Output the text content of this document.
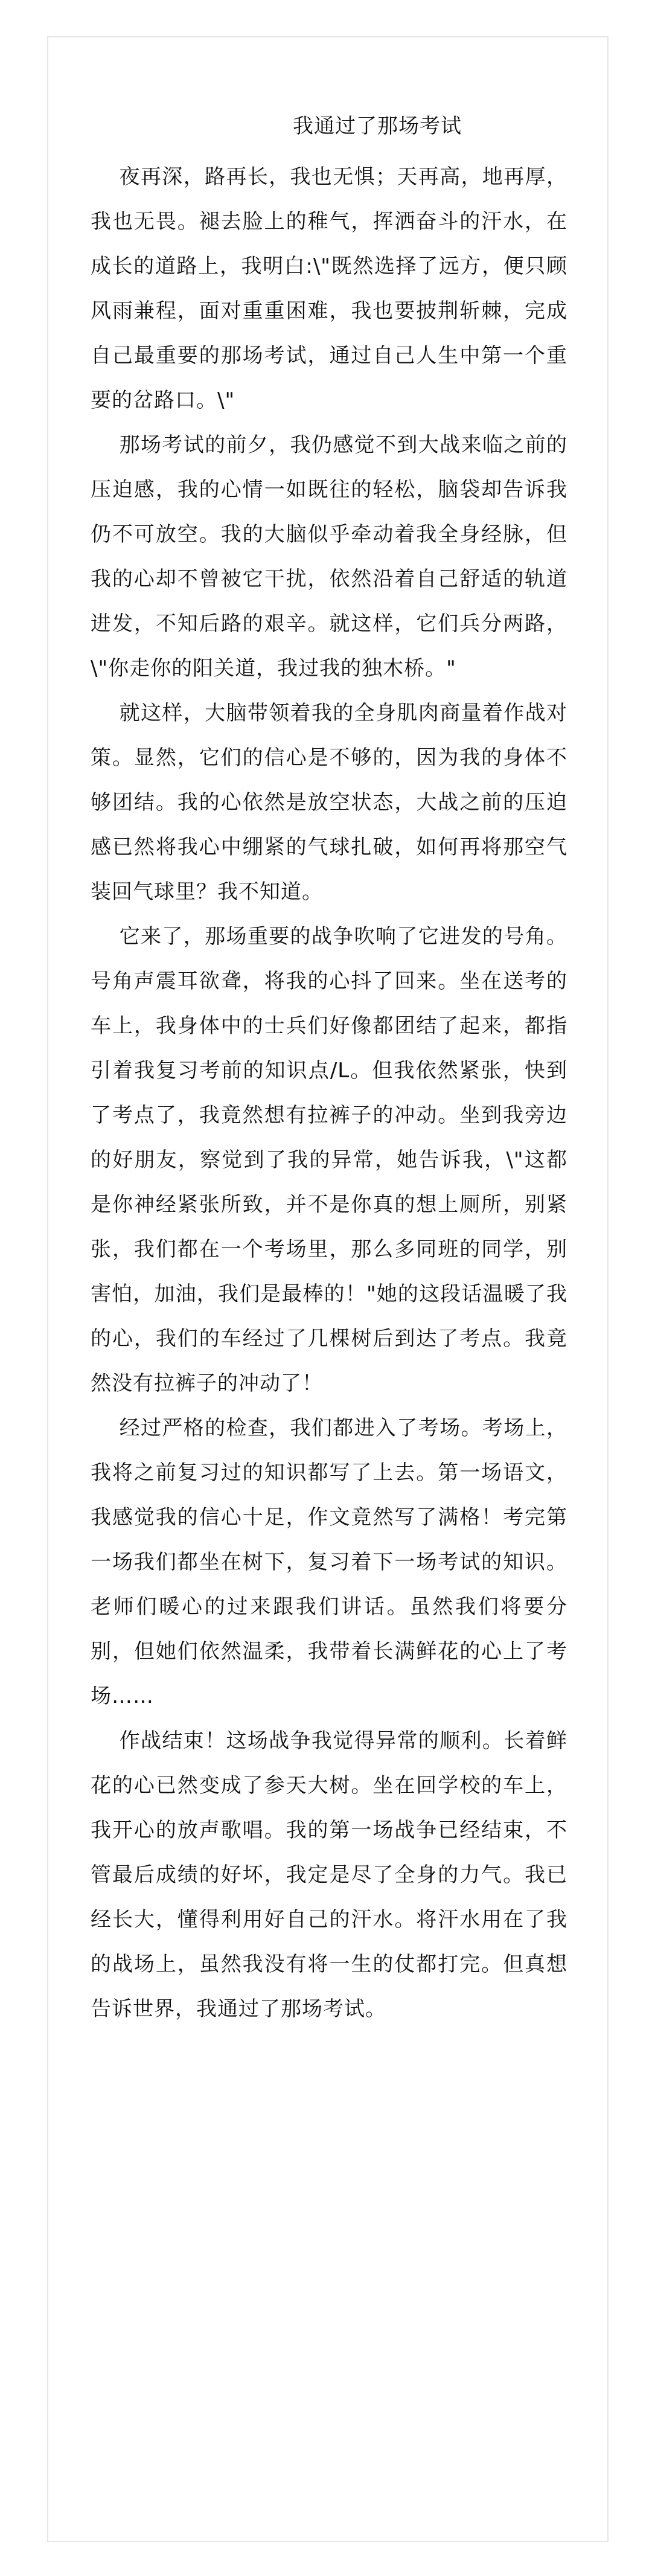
我通过了那场考试

夜再深，路再长，我也无惧；天再高，地再厚，我也无畏。褪去脸上的稚气，挥洒奋斗的汗水，在成长的道路上，我明白:\"既然选择了远方，便只顾风雨兼程，面对重重困难，我也要披荆斩棘，完成自己最重要的那场考试，通过自己人生中第一个重要的岔路口。\"

那场考试的前夕，我仍感觉不到大战来临之前的压迫感，我的心情一如既往的轻松，脑袋却告诉我仍不可放空。我的大脑似乎牵动着我全身经脉，但我的心却不曾被它干扰，依然沿着自己舒适的轨道进发，不知后路的艰辛。就这样，它们兵分两路，\"你走你的阳关道，我过我的独木桥。"

就这样，大脑带领着我的全身肌肉商量着作战对策。显然，它们的信心是不够的，因为我的身体不够团结。我的心依然是放空状态，大战之前的压迫感已然将我心中绷紧的气球扎破，如何再将那空气装回气球里？我不知道。

它来了，那场重要的战争吹响了它进发的号角。号角声震耳欲聋，将我的心抖了回来。坐在送考的车上，我身体中的士兵们好像都团结了起来，都指引着我复习考前的知识点/L。但我依然紧张，快到了考点了，我竟然想有拉裤子的冲动。坐到我旁边的好朋友，察觉到了我的异常，她告诉我，\"这都是你神经紧张所致，并不是你真的想上厕所，别紧张，我们都在一个考场里，那么多同班的同学，别害怕，加油，我们是最棒的！"她的这段话温暖了我的心，我们的车经过了几棵树后到达了考点。我竟然没有拉裤子的冲动了！

经过严格的检查，我们都进入了考场。考场上，我将之前复习过的知识都写了上去。第一场语文，我感觉我的信心十足，作文竟然写了满格！考完第一场我们都坐在树下，复习着下一场考试的知识。老师们暖心的过来跟我们讲话。虽然我们将要分别，但她们依然温柔，我带着长满鲜花的心上了考场……

作战结束！这场战争我觉得异常的顺利。长着鲜花的心已然变成了参天大树。坐在回学校的车上，我开心的放声歌唱。我的第一场战争已经结束，不管最后成绩的好坏，我定是尽了全身的力气。我已经长大，懂得利用好自己的汗水。将汗水用在了我的战场上，虽然我没有将一生的仗都打完。但真想告诉世界，我通过了那场考试。
